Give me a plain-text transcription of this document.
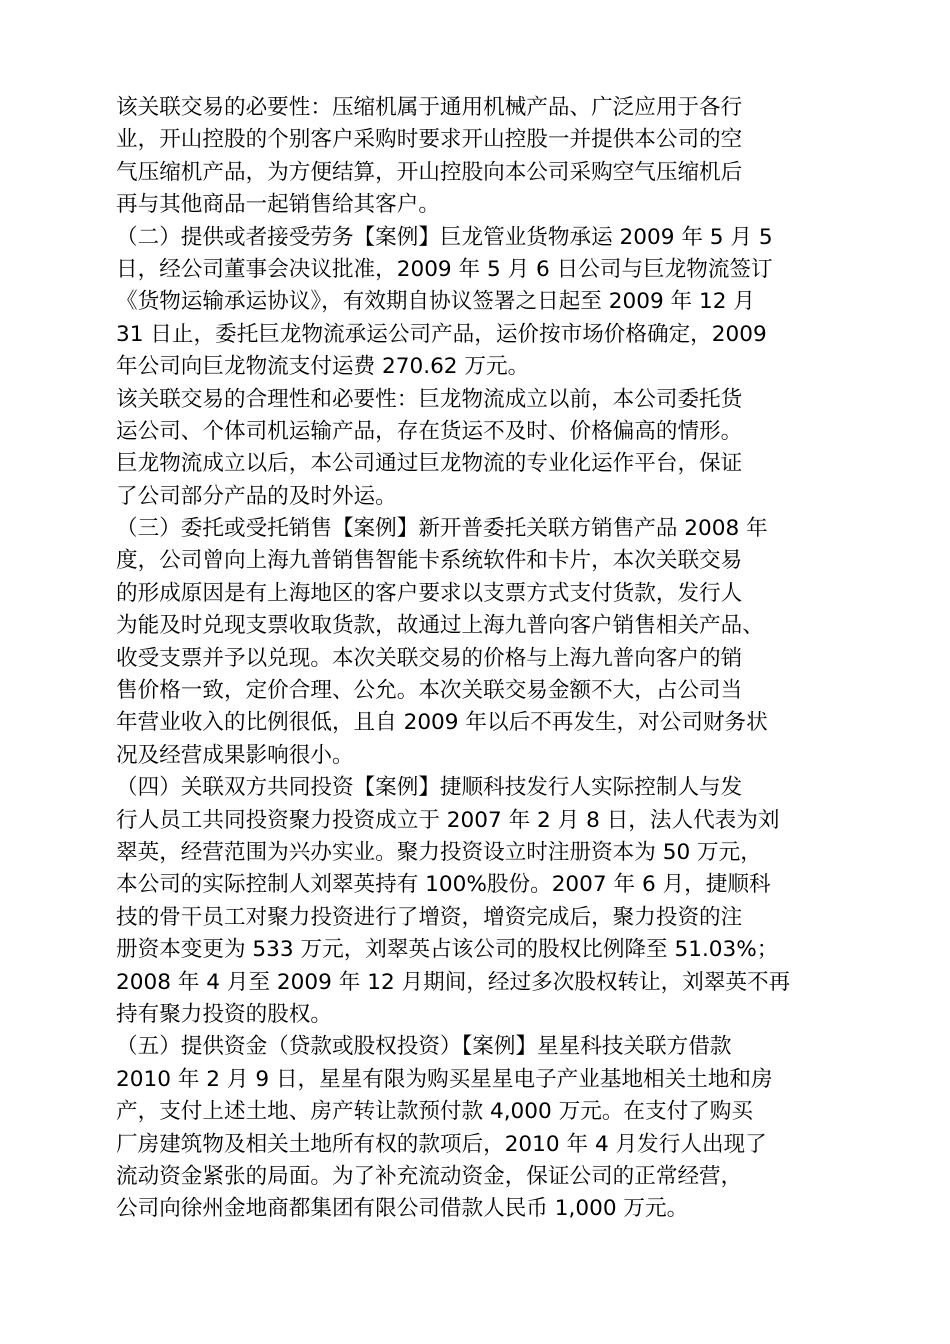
该关联交易的必要性：压缩机属于通用机械产品、广泛应用于各行
业，开山控股的个别客户采购时要求开山控股一并提供本公司的空
气压缩机产品，为方便结算，开山控股向本公司采购空气压缩机后
再与其他商品一起销售给其客户。
（二）提供或者接受劳务【案例】巨龙管业货物承运 2009 年 5 月 5
日，经公司董事会决议批准，2009 年 5 月 6 日公司与巨龙物流签订
《货物运输承运协议》，有效期自协议签署之日起至 2009 年 12 月
31 日止，委托巨龙物流承运公司产品，运价按市场价格确定，2009
年公司向巨龙物流支付运费 270.62 万元。
该关联交易的合理性和必要性：巨龙物流成立以前，本公司委托货
运公司、个体司机运输产品，存在货运不及时、价格偏高的情形。
巨龙物流成立以后，本公司通过巨龙物流的专业化运作平台，保证
了公司部分产品的及时外运。
（三）委托或受托销售【案例】新开普委托关联方销售产品 2008 年
度，公司曾向上海九普销售智能卡系统软件和卡片，本次关联交易
的形成原因是有上海地区的客户要求以支票方式支付货款，发行人
为能及时兑现支票收取货款，故通过上海九普向客户销售相关产品、
收受支票并予以兑现。本次关联交易的价格与上海九普向客户的销
售价格一致，定价合理、公允。本次关联交易金额不大，占公司当
年营业收入的比例很低，且自 2009 年以后不再发生，对公司财务状
况及经营成果影响很小。
（四）关联双方共同投资【案例】捷顺科技发行人实际控制人与发
行人员工共同投资聚力投资成立于 2007 年 2 月 8 日，法人代表为刘
翠英，经营范围为兴办实业。聚力投资设立时注册资本为 50 万元，
本公司的实际控制人刘翠英持有 100%股份。2007 年 6 月，捷顺科
技的骨干员工对聚力投资进行了增资，增资完成后，聚力投资的注
册资本变更为 533 万元，刘翠英占该公司的股权比例降至 51.03%；
2008 年 4 月至 2009 年 12 月期间，经过多次股权转让，刘翠英不再
持有聚力投资的股权。
（五）提供资金（贷款或股权投资）【案例】星星科技关联方借款
2010 年 2 月 9 日，星星有限为购买星星电子产业基地相关土地和房
产，支付上述土地、房产转让款预付款 4,000 万元。在支付了购买
厂房建筑物及相关土地所有权的款项后，2010 年 4 月发行人出现了
流动资金紧张的局面。为了补充流动资金，保证公司的正常经营，
公司向徐州金地商都集团有限公司借款人民币 1,000 万元。
